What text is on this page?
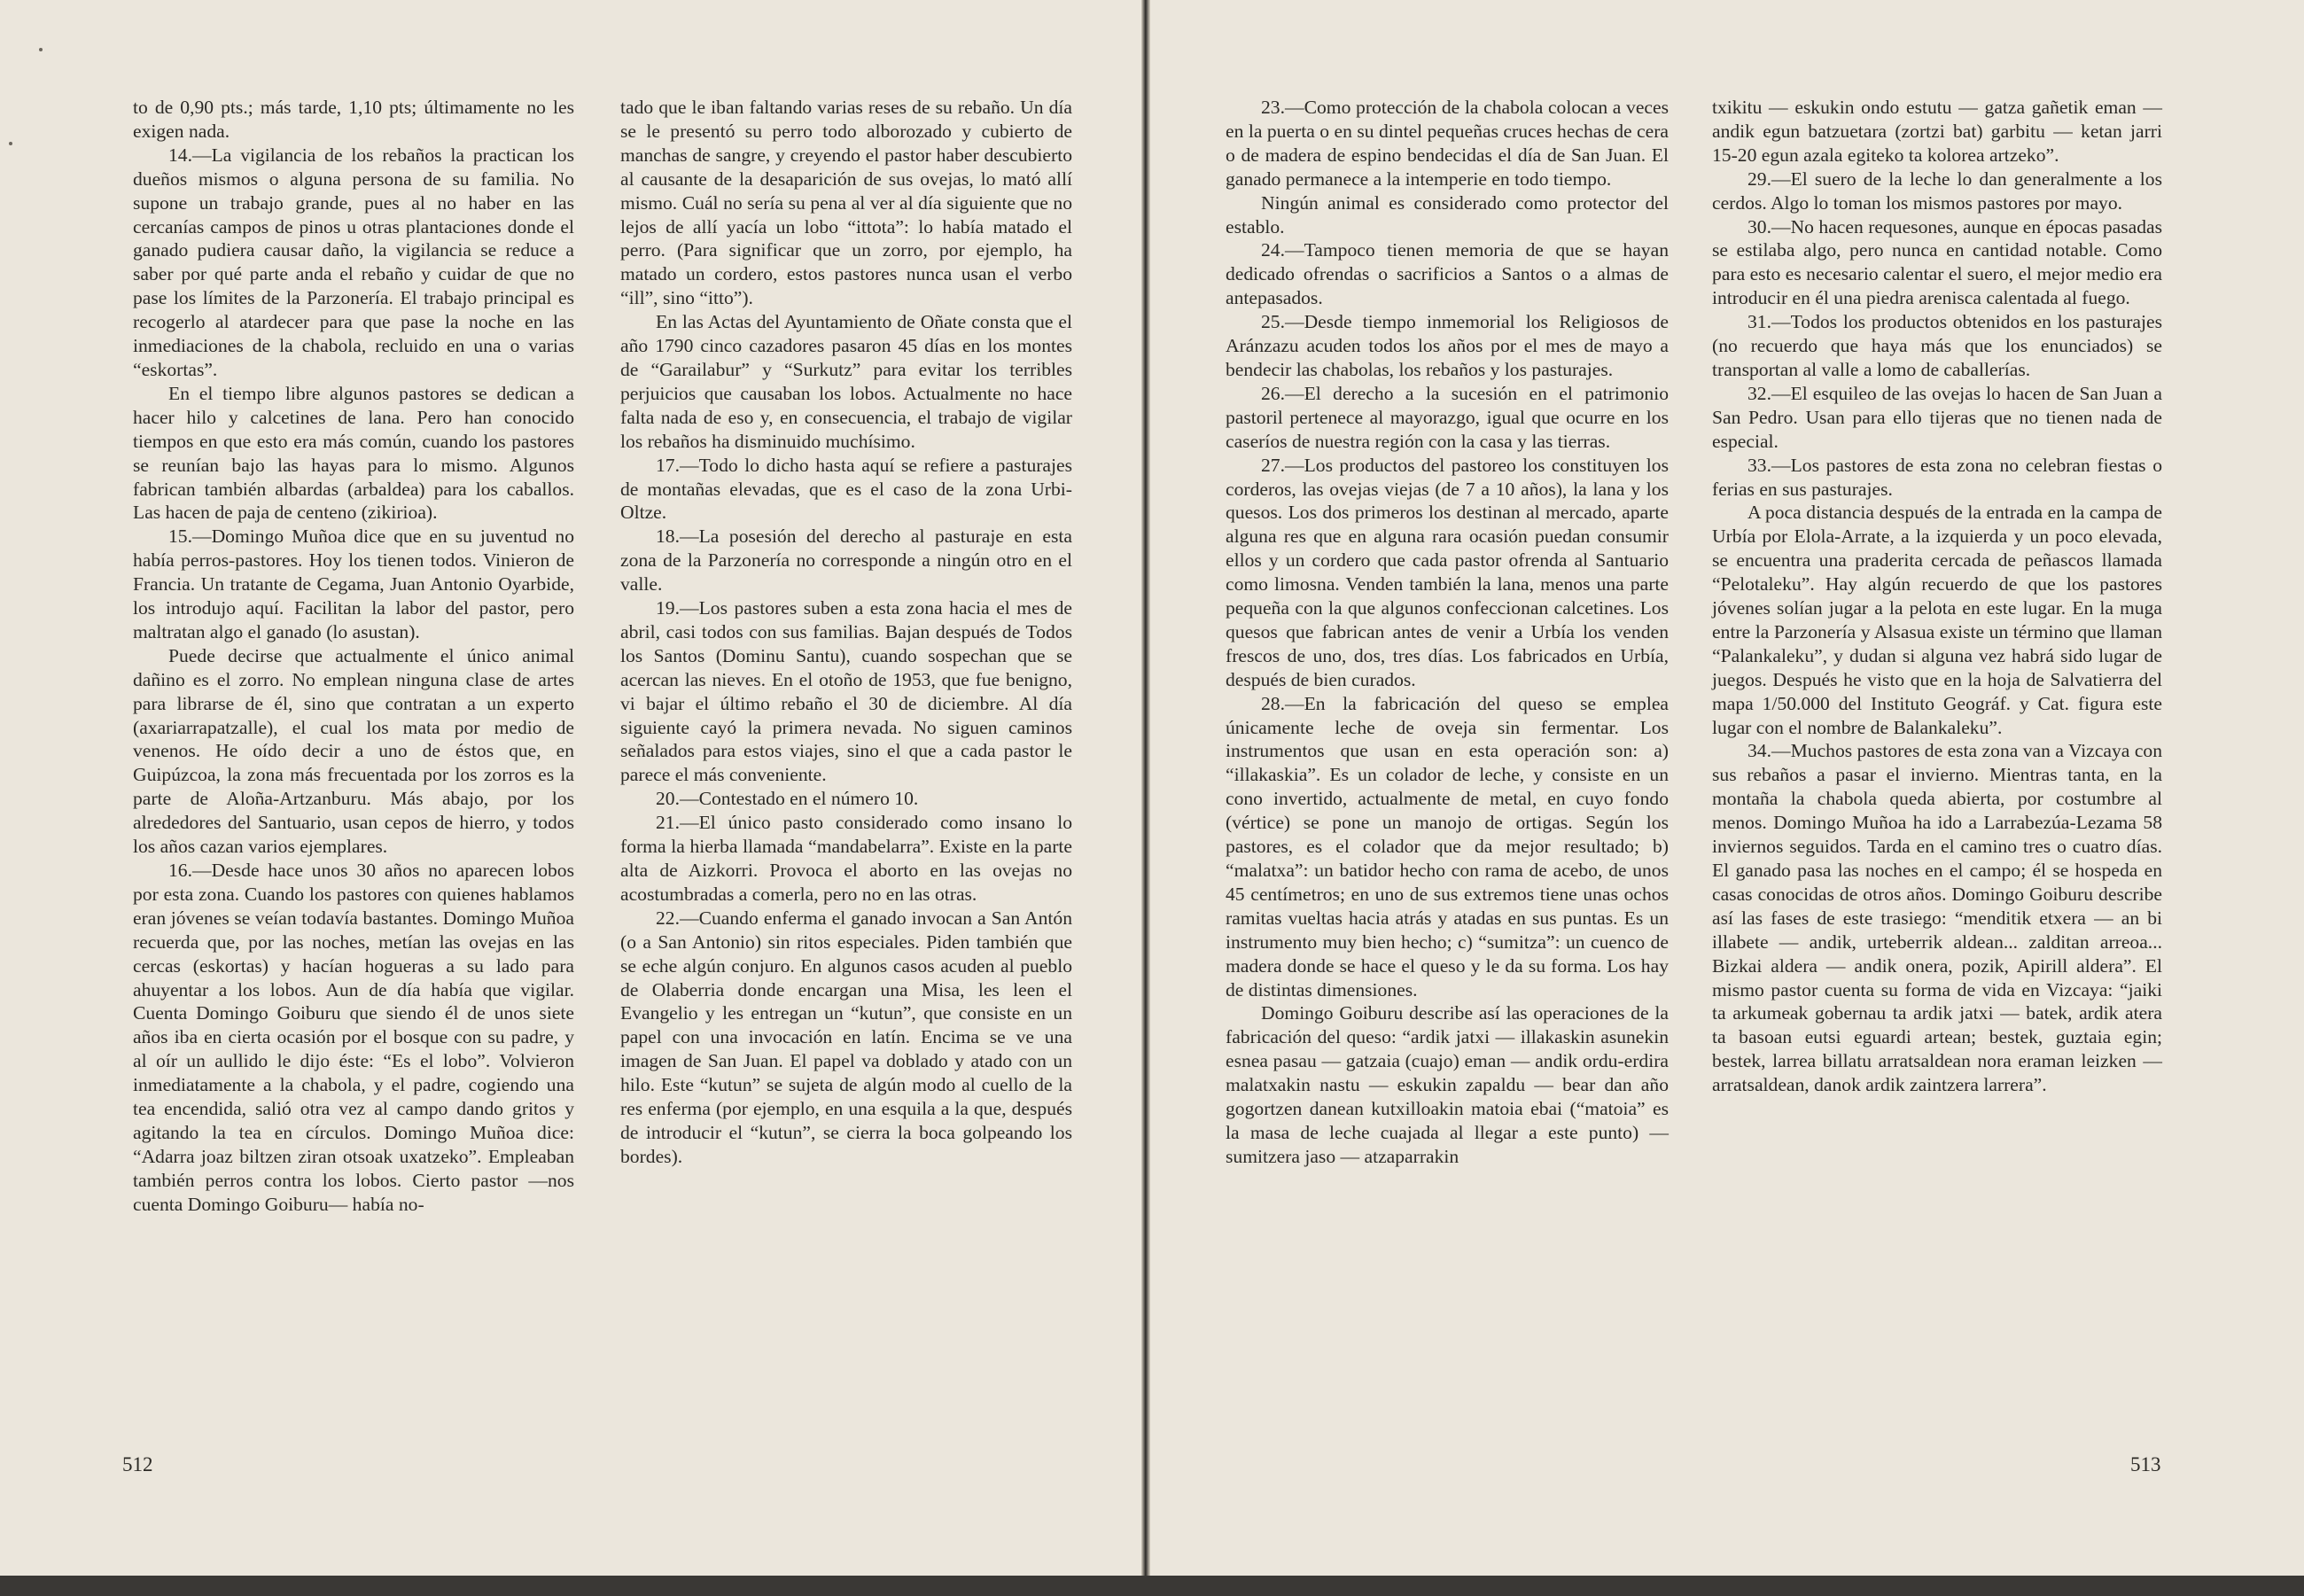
to de 0,90 pts.; más tarde, 1,10 pts; últimamente no les exigen nada.

14.—La vigilancia de los rebaños la practican los dueños mismos o alguna persona de su familia. No supone un trabajo grande, pues al no haber en las cercanías campos de pinos u otras plantaciones donde el ganado pudiera causar daño, la vigilancia se reduce a saber por qué parte anda el rebaño y cuidar de que no pase los límites de la Parzonería. El trabajo principal es recogerlo al atardecer para que pase la noche en las inmediaciones de la chabola, recluido en una o varias “eskortas”.

En el tiempo libre algunos pastores se dedican a hacer hilo y calcetines de lana. Pero han conocido tiempos en que esto era más común, cuando los pastores se reunían bajo las hayas para lo mismo. Algunos fabrican también albardas (arbaldea) para los caballos. Las hacen de paja de centeno (zikirioa).

15.—Domingo Muñoa dice que en su juventud no había perros-pastores. Hoy los tienen todos. Vinieron de Francia. Un tratante de Cegama, Juan Antonio Oyarbide, los introdujo aquí. Facilitan la labor del pastor, pero maltratan algo el ganado (lo asustan).

Puede decirse que actualmente el único animal dañino es el zorro. No emplean ninguna clase de artes para librarse de él, sino que contratan a un experto (axariarrapatzalle), el cual los mata por medio de venenos. He oído decir a uno de éstos que, en Guipúzcoa, la zona más frecuentada por los zorros es la parte de Aloña-Artzanburu. Más abajo, por los alrededores del Santuario, usan cepos de hierro, y todos los años cazan varios ejemplares.

16.—Desde hace unos 30 años no aparecen lobos por esta zona. Cuando los pastores con quienes hablamos eran jóvenes se veían todavía bastantes. Domingo Muñoa recuerda que, por las noches, metían las ovejas en las cercas (eskortas) y hacían hogueras a su lado para ahuyentar a los lobos. Aun de día había que vigilar. Cuenta Domingo Goiburu que siendo él de unos siete años iba en cierta ocasión por el bosque con su padre, y al oír un aullido le dijo éste: “Es el lobo”. Volvieron inmediatamente a la chabola, y el padre, cogiendo una tea encendida, salió otra vez al campo dando gritos y agitando la tea en círculos. Domingo Muñoa dice: “Adarra joaz biltzen ziran otsoak uxatzeko”. Empleaban también perros contra los lobos. Cierto pastor —nos cuenta Domingo Goiburu— había no-

tado que le iban faltando varias reses de su rebaño. Un día se le presentó su perro todo alborozado y cubierto de manchas de sangre, y creyendo el pastor haber descubierto al causante de la desaparición de sus ovejas, lo mató allí mismo. Cuál no sería su pena al ver al día siguiente que no lejos de allí yacía un lobo “ittota”: lo había matado el perro. (Para significar que un zorro, por ejemplo, ha matado un cordero, estos pastores nunca usan el verbo “ill”, sino “itto”).

En las Actas del Ayuntamiento de Oñate consta que el año 1790 cinco cazadores pasaron 45 días en los montes de “Garailabur” y “Surkutz” para evitar los terribles perjuicios que causaban los lobos. Actualmente no hace falta nada de eso y, en consecuencia, el trabajo de vigilar los rebaños ha disminuido muchísimo.

17.—Todo lo dicho hasta aquí se refiere a pasturajes de montañas elevadas, que es el caso de la zona Urbi-Oltze.

18.—La posesión del derecho al pasturaje en esta zona de la Parzonería no corresponde a ningún otro en el valle.

19.—Los pastores suben a esta zona hacia el mes de abril, casi todos con sus familias. Bajan después de Todos los Santos (Dominu Santu), cuando sospechan que se acercan las nieves. En el otoño de 1953, que fue benigno, vi bajar el último rebaño el 30 de diciembre. Al día siguiente cayó la primera nevada. No siguen caminos señalados para estos viajes, sino el que a cada pastor le parece el más conveniente.

20.—Contestado en el número 10.

21.—El único pasto considerado como insano lo forma la hierba llamada “mandabelarra”. Existe en la parte alta de Aizkorri. Provoca el aborto en las ovejas no acostumbradas a comerla, pero no en las otras.

22.—Cuando enferma el ganado invocan a San Antón (o a San Antonio) sin ritos especiales. Piden también que se eche algún conjuro. En algunos casos acuden al pueblo de Olaberria donde encargan una Misa, les leen el Evangelio y les entregan un “kutun”, que consiste en un papel con una invocación en latín. Encima se ve una imagen de San Juan. El papel va doblado y atado con un hilo. Este “kutun” se sujeta de algún modo al cuello de la res enferma (por ejemplo, en una esquila a la que, después de introducir el “kutun”, se cierra la boca golpeando los bordes).

512

23.—Como protección de la chabola colocan a veces en la puerta o en su dintel pequeñas cruces hechas de cera o de madera de espino bendecidas el día de San Juan. El ganado permanece a la intemperie en todo tiempo.

Ningún animal es considerado como protector del establo.

24.—Tampoco tienen memoria de que se hayan dedicado ofrendas o sacrificios a Santos o a almas de antepasados.

25.—Desde tiempo inmemorial los Religiosos de Aránzazu acuden todos los años por el mes de mayo a bendecir las chabolas, los rebaños y los pasturajes.

26.—El derecho a la sucesión en el patrimonio pastoril pertenece al mayorazgo, igual que ocurre en los caseríos de nuestra región con la casa y las tierras.

27.—Los productos del pastoreo los constituyen los corderos, las ovejas viejas (de 7 a 10 años), la lana y los quesos. Los dos primeros los destinan al mercado, aparte alguna res que en alguna rara ocasión puedan consumir ellos y un cordero que cada pastor ofrenda al Santuario como limosna. Venden también la lana, menos una parte pequeña con la que algunos confeccionan calcetines. Los quesos que fabrican antes de venir a Urbía los venden frescos de uno, dos, tres días. Los fabricados en Urbía, después de bien curados.

28.—En la fabricación del queso se emplea únicamente leche de oveja sin fermentar. Los instrumentos que usan en esta operación son: a) “illakaskia”. Es un colador de leche, y consiste en un cono invertido, actualmente de metal, en cuyo fondo (vértice) se pone un manojo de ortigas. Según los pastores, es el colador que da mejor resultado; b) “malatxa”: un batidor hecho con rama de acebo, de unos 45 centímetros; en uno de sus extremos tiene unas ochos ramitas vueltas hacia atrás y atadas en sus puntas. Es un instrumento muy bien hecho; c) “sumitza”: un cuenco de madera donde se hace el queso y le da su forma. Los hay de distintas dimensiones.

Domingo Goiburu describe así las operaciones de la fabricación del queso: “ardik jatxi — illakaskin asunekin esnea pasau — gatzaia (cuajo) eman — andik ordu-erdira malatxakin nastu — eskukin zapaldu — bear dan año gogortzen danean kutxilloakin matoia ebai (“matoia” es la masa de leche cuajada al llegar a este punto) — sumitzera jaso — atzaparrakin

txikitu — eskukin ondo estutu — gatza gañetik eman — andik egun batzuetara (zortzi bat) garbitu — ketan jarri 15-20 egun azala egiteko ta kolorea artzeko”.

29.—El suero de la leche lo dan generalmente a los cerdos. Algo lo toman los mismos pastores por mayo.

30.—No hacen requesones, aunque en épocas pasadas se estilaba algo, pero nunca en cantidad notable. Como para esto es necesario calentar el suero, el mejor medio era introducir en él una piedra arenisca calentada al fuego.

31.—Todos los productos obtenidos en los pasturajes (no recuerdo que haya más que los enunciados) se transportan al valle a lomo de caballerías.

32.—El esquileo de las ovejas lo hacen de San Juan a San Pedro. Usan para ello tijeras que no tienen nada de especial.

33.—Los pastores de esta zona no celebran fiestas o ferias en sus pasturajes.

A poca distancia después de la entrada en la campa de Urbía por Elola-Arrate, a la izquierda y un poco elevada, se encuentra una praderita cercada de peñascos llamada “Pelotaleku”. Hay algún recuerdo de que los pastores jóvenes solían jugar a la pelota en este lugar. En la muga entre la Parzonería y Alsasua existe un término que llaman “Palankaleku”, y dudan si alguna vez habrá sido lugar de juegos. Después he visto que en la hoja de Salvatierra del mapa 1/50.000 del Instituto Geográf. y Cat. figura este lugar con el nombre de Balankaleku”.

34.—Muchos pastores de esta zona van a Vizcaya con sus rebaños a pasar el invierno. Mientras tanta, en la montaña la chabola queda abierta, por costumbre al menos. Domingo Muñoa ha ido a Larrabezúa-Lezama 58 inviernos seguidos. Tarda en el camino tres o cuatro días. El ganado pasa las noches en el campo; él se hospeda en casas conocidas de otros años. Domingo Goiburu describe así las fases de este trasiego: “menditik etxera — an bi illabete — andik, urteberrik aldean... zalditan arreoa... Bizkai aldera — andik onera, pozik, Apirill aldera”. El mismo pastor cuenta su forma de vida en Vizcaya: “jaiki ta arkumeak gobernau ta ardik jatxi — batek, ardik atera ta basoan eutsi eguardi artean; bestek, guztaia egin; bestek, larrea billatu arratsaldean nora eraman leizken — arratsaldean, danok ardik zaintzera larrera”.

513
